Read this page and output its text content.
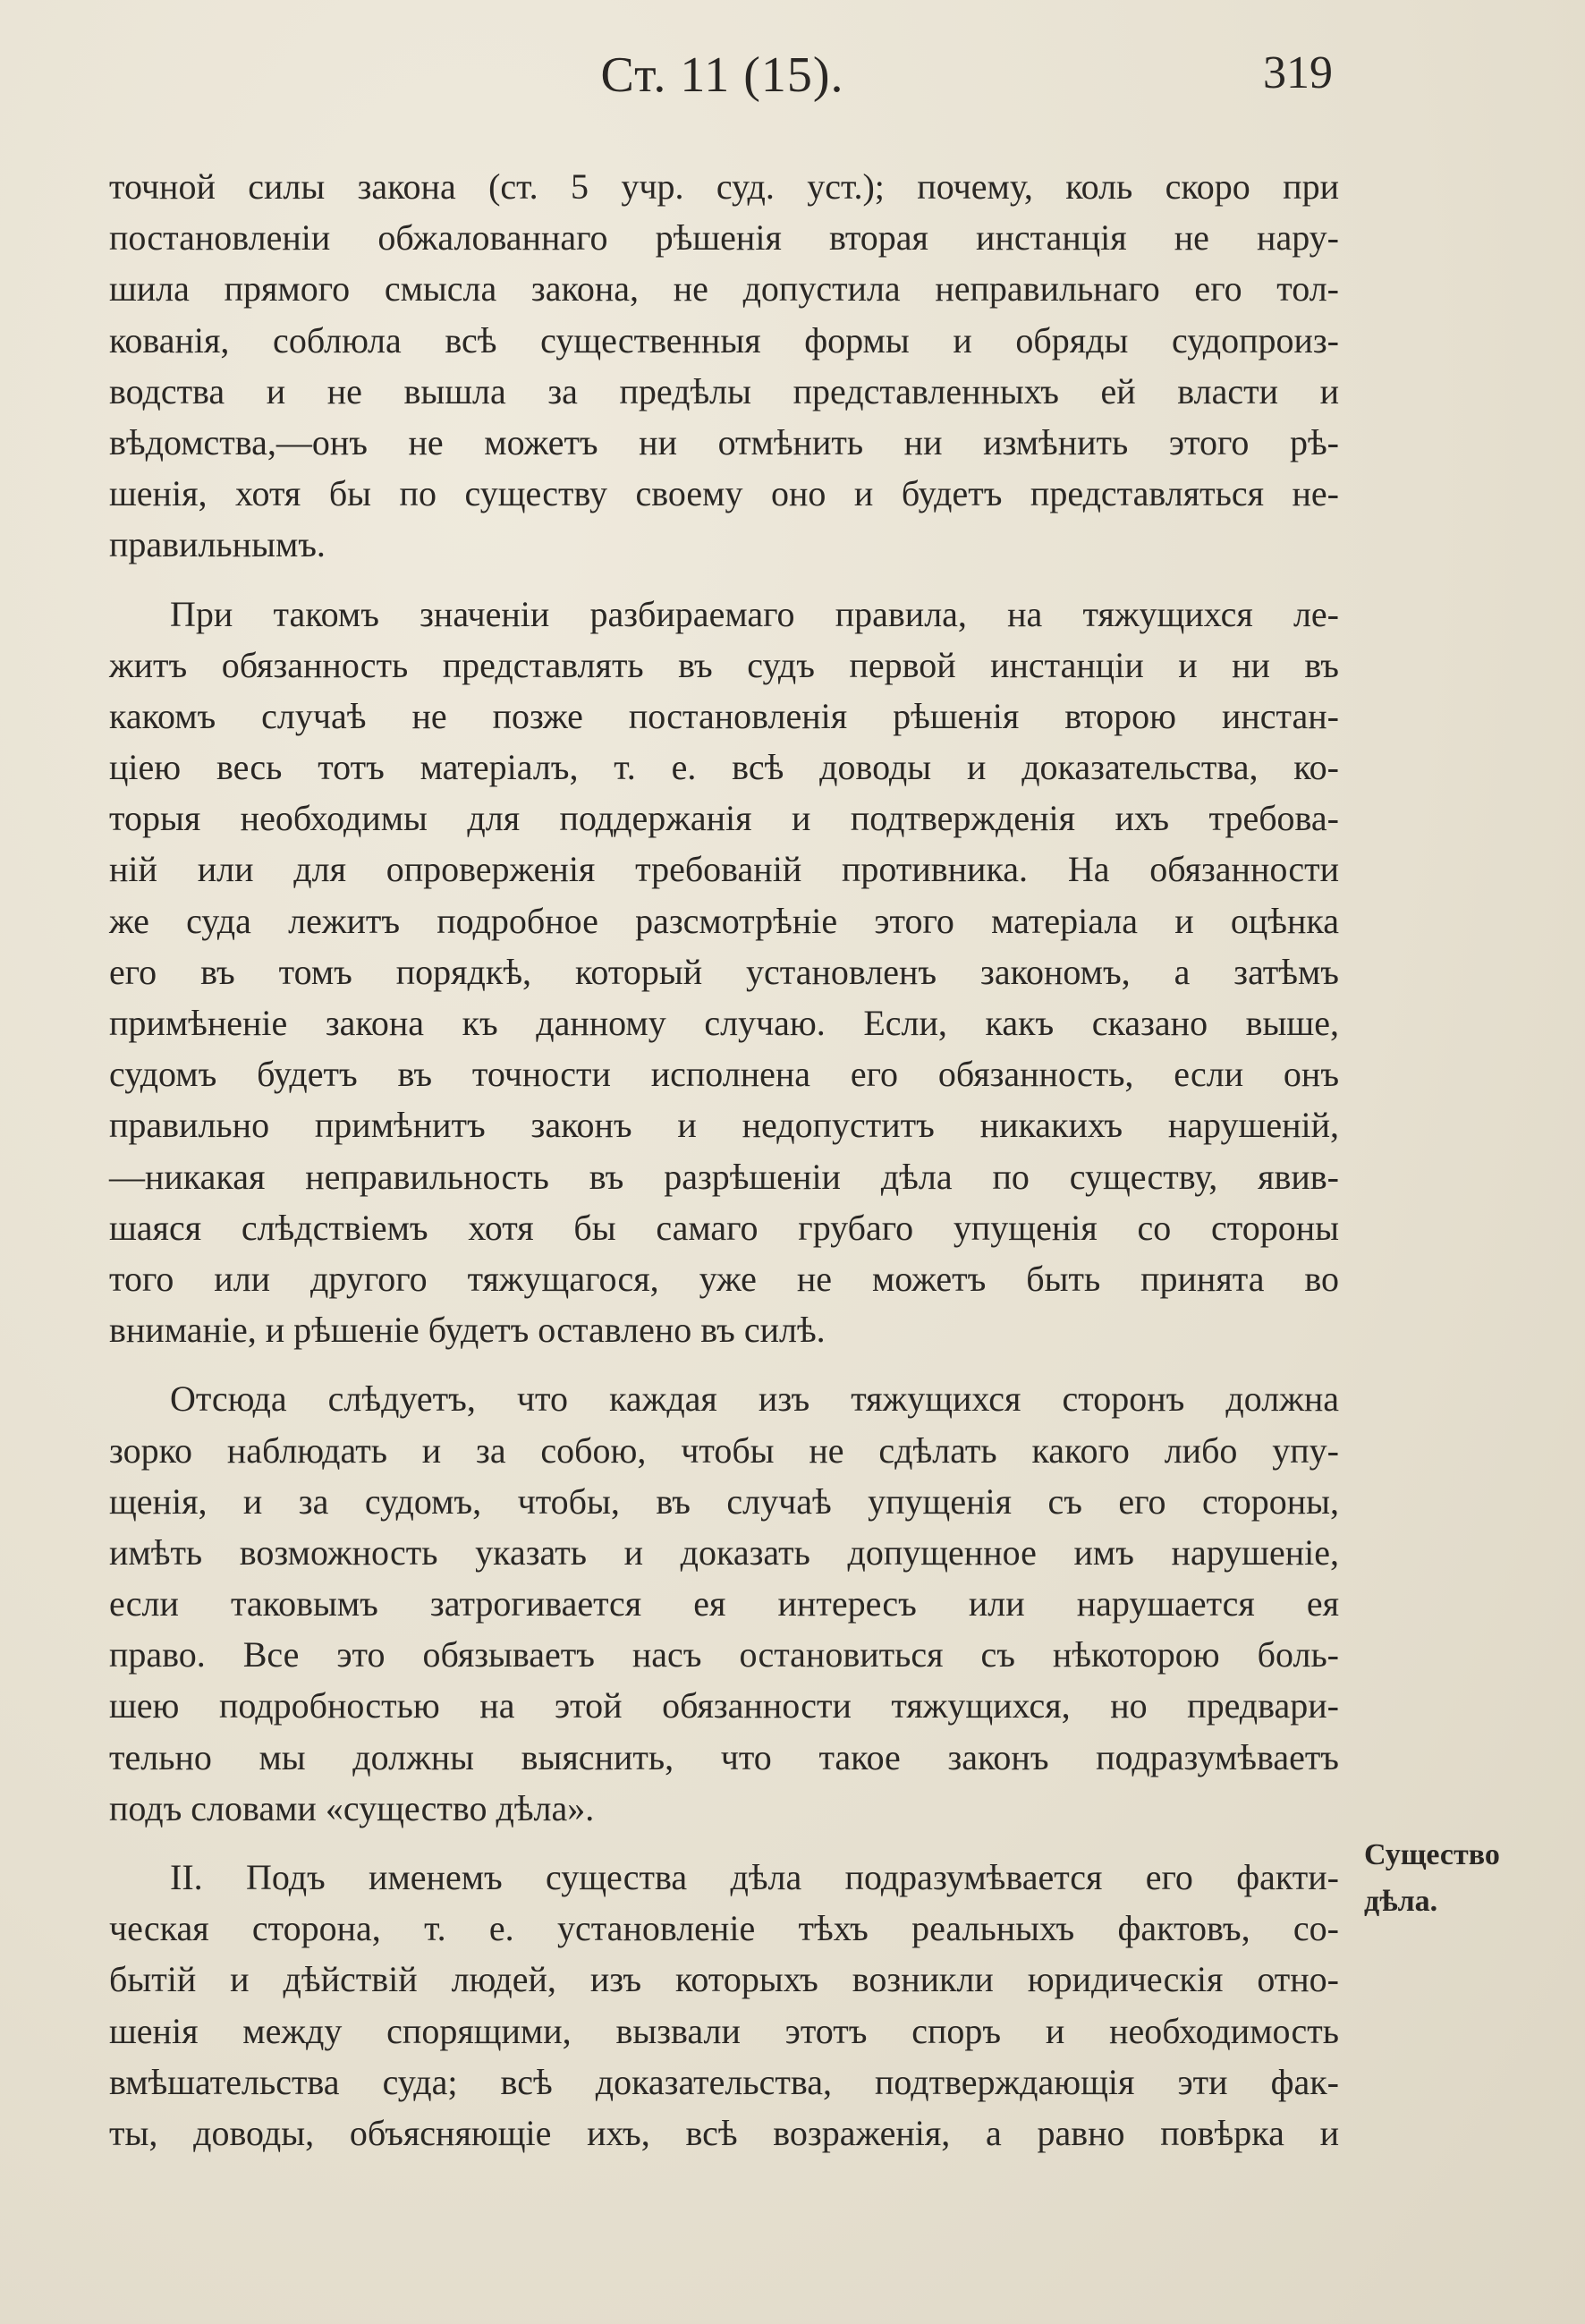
Ст. 11 (15).	319
точной силы закона (ст. 5 учр. суд. уст.); почему, коль скоро при
постановленіи обжалованнаго рѣшенія вторая инстанція не нару-
шила прямого смысла закона, не допустила неправильнаго его тол-
кованія, соблюла всѣ существенныя формы и обряды судопроиз-
водства и не вышла за предѣлы представленныхъ ей власти и
вѣдомства,—онъ не можетъ ни отмѣнить ни измѣнить этого рѣ-
шенія, хотя бы по существу своему оно и будетъ представляться не-
правильнымъ.
При такомъ значеніи разбираемаго правила, на тяжущихся ле-
житъ обязанность представлять въ судъ первой инстанціи и ни въ
какомъ случаѣ не позже постановленія рѣшенія второю инстан-
ціею весь тотъ матеріалъ, т. е. всѣ доводы и доказательства, ко-
торыя необходимы для поддержанія и подтвержденія ихъ требова-
ній или для опроверженія требованій противника. На обязанности
же суда лежитъ подробное разсмотрѣніе этого матеріала и оцѣнка
его въ томъ порядкѣ, который установленъ закономъ, а затѣмъ
примѣненіе закона къ данному случаю. Если, какъ сказано выше,
судомъ будетъ въ точности исполнена его обязанность, если онъ
правильно примѣнитъ законъ и недопуститъ никакихъ нарушеній,
—никакая неправильность въ разрѣшеніи дѣла по существу, явив-
шаяся слѣдствіемъ хотя бы самаго грубаго упущенія со стороны
того или другого тяжущагося, уже не можетъ быть принята во
вниманіе, и рѣшеніе будетъ оставлено въ силѣ.
Отсюда слѣдуетъ, что каждая изъ тяжущихся сторонъ должна
зорко наблюдать и за собою, чтобы не сдѣлать какого либо упу-
щенія, и за судомъ, чтобы, въ случаѣ упущенія съ его стороны,
имѣть возможность указать и доказать допущенное имъ нарушеніе,
если таковымъ затрогивается ея интересъ или нарушается ея
право. Все это обязываетъ насъ остановиться съ нѣкоторою боль-
шею подробностью на этой обязанности тяжущихся, но предвари-
тельно мы должны выяснить, что такое законъ подразумѣваетъ
подъ словами «существо дѣла».
II. Подъ именемъ существа дѣла подразумѣвается его факти-
ческая сторона, т. е. установленіе тѣхъ реальныхъ фактовъ, со-
бытій и дѣйствій людей, изъ которыхъ возникли юридическія отно-
шенія между спорящими, вызвали этотъ споръ и необходимость
вмѣшательства суда; всѣ доказательства, подтверждающія эти фак-
ты, доводы, объясняющіе ихъ, всѣ возраженія, а равно повѣрка и
Существо
дѣла.
